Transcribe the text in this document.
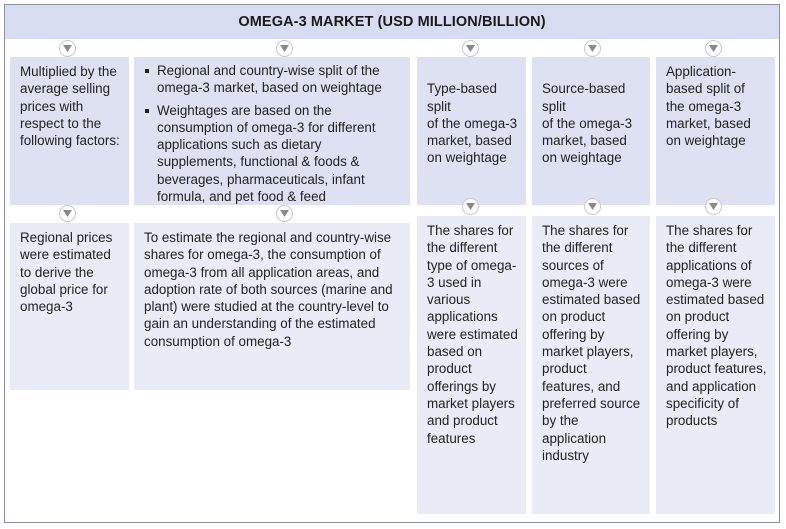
OMEGA-3 MARKET (USD MILLION/BILLION)
Multiplied by the average selling prices with respect to the following factors:
Regional and country-wise split of the omega-3 market, based on weightage
Weightages are based on the consumption of omega-3 for different applications such as dietary supplements, functional & foods & beverages, pharmaceuticals, infant formula, and pet food & feed

Type-based split
of the omega-3 market, based on weightage

Source-based split
of the omega-3 market, based on weightage

Application-based split of the omega-3 market, based on weightage
Regional prices were estimated to derive the global price for omega-3
To estimate the regional and country-wise shares for omega-3, the consumption of omega-3 from all application areas, and adoption rate of both sources (marine and plant) were studied at the country-level to gain an understanding of the estimated consumption of omega-3
The shares for the different type of omega-3 used in various applications were estimated based on product offerings by market players and product features
The shares for the different sources of omega-3 were estimated based on product offering by market players, product features, and preferred source by the application industry
The shares for the different applications of omega-3 were estimated based on product offering by market players, product features, and application specificity of products
